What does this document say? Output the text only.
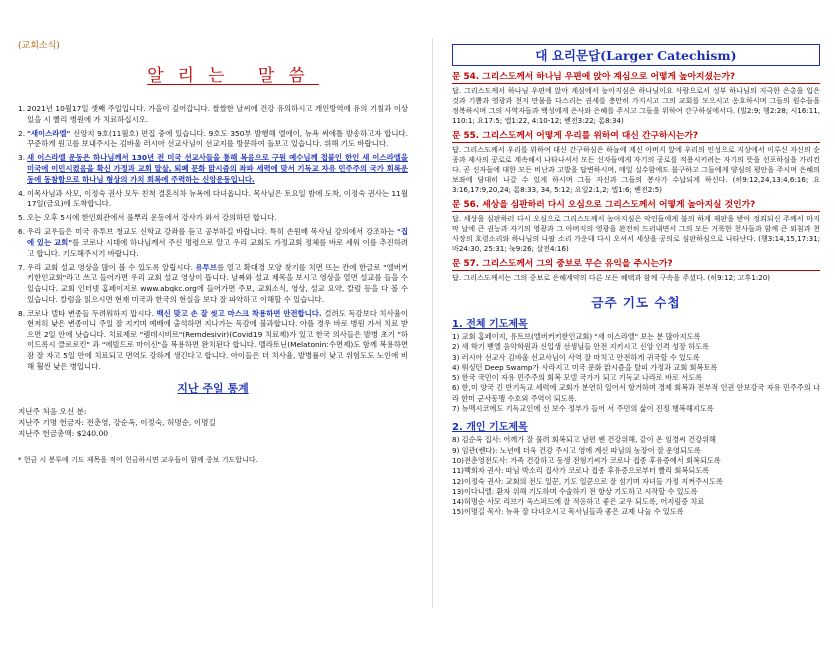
(교회소식)
알리는 말씀
1. 2021년 10월17일 셋째 주일입니다. 가을이 깊어갑니다. 쌀쌀한 날씨에 건강 유의하시고 개인방역에 유의 기침과 이상 있을 시 빨리 병원에 가 치료하십시오.
2. "새이스라엘" 신앙지 9호(11월호) 편집 중에 있습니다. 9호도 350부 발행해 엘에이, 뉴욕 써에틀 발송하고자 합니다. 꾸준하게 원고를 보내주시는 김바울 러시아 선교사님이 선교지를 방문하여 돌보고 있습니다. 위해 기도 바랍니다.
3. 새 이스라엘 운동은 하나님께서 130년 전 미국 선교사들을 통해 복음으로 구원 예수님께 접붙인 한인 새 이스라엘을 미국에 이민시켰음을 확신 가정과 교회 말살, 퇴폐 문화 맑시즘의 좌파 세력에 맞서 기독교 자유 민주주의 국가 회복운동에 동참함으로 하나님 형상의 가치 회복에 주력하는 신앙운동입니다.
4. 이목사님과 사모, 이정숙 권사 모두 친척 결혼식차 뉴욕에 다녀옵니다. 목사님은 토요일 밤에 도착, 이정숙 권사는 11월 17일(금요)에 도착합니다.
5. 오는 오후 5시에 한인회관에서 풀뿌리 운동에서 강사가 와서 강의하던 합니다.
6. 우리 교우들은 미국 유투브 청교도 신학교 강좌를 듣고 공부하길 바랍니다. 특히 손원배 목사님 강의에서 강조하는 "집에 있는 교회"를 코로나 시대에 하나님께서 주신 명령으로 알고 우리 교회도 가정교회 정체를 바로 세워 이를 추진하려고 합니다. 기도해주시기 바랍니다.
7. 우리 교회 설교 영상을 많이 볼 수 있도록 알립시다. 유투브를 열고 확대경 모양 찾기를 치면 뜨는 칸에 한글로 "엘버커키한인교회"라고 쓰고 들어가면 우리 교회 설교 영상이 뜹니다. 날짜와 설교 제목을 보시고 영상을 열면 설교를 들을 수 있습니다. 교회 인터넷 홈페이지로 www.abqkc.org에 들어가면 주보, 교회소식, 영상, 설교 요약, 칼럼 등을 다 볼 수 있습니다. 칼럼을 읽으시면 현재 미국과 한국의 현실을 보다 잘 파악하고 이해할 수 있습니다.
8. 코로나 델타 변종들 두려워하지 맙시다. 백신 맞고 손 잘 씻고 마스크 착용하면 안전합니다. 걸려도 독감보다 치사율이 현저히 낮은 변종이니 주일 잘 지키며 예배에 출석하면 지나가는 독감에 불과합니다. 아플 경우 바로 병원 가서 치료 받으면 2일 안에 낫습니다. 치료제로 "렘데시비르"(Remdesivir)(Covid19 치료제)가 있고 한국 의사들은 발병 초기 "하이드록시 클로로킨" 과 "에빌드로 마이신"을 복용하면 완치된다 합니다. 멜라토닌(Melatonin:수면제)도 함께 복용하면 잠 잘 자고 5일 안에 치료되고 면역도 강하게 생긴다고 합니다. 아이들은 더 치사율, 발병률이 낮고 위험도도 노인에 비해 훨씬 낮은 병입니다.
지난 주일 통계
지난주 처음 오신 분:
지난주 기명 헌금자: 전춘영, 강순옥, 이정숙, 허명순, 이명길
지난주 헌금총액: $240.00
* 헌금 시 봉투에 기도 제목을 적어 헌금하시면 교우들이 함께 중보 기도합니다.
대 요리문답(Larger Catechism)
문 54. 그리스도께서 하나님 우편에 앉아 계심으로 어떻게 높아지셨는가?
답. 그리스도께서 하나님 우편에 앉아 계심에서 높아지심은 하나님이요 사람으로서 성부 하나님의 지극한 은총을 입은 것과 기쁨과 영광과 천지 만물을 다스리는 권세를 충만히 가지시고 그의 교회를 모으시고 옹호하시며 그들의 원수들을 정복하시며 그의 사역자들과 백성에게 은사와 은혜를 주시고 그들을 위하여 간구하심에서다. (빌2:9; 행2:28; 시16:11, 110:1; 요17:5; 엡1:22, 4:10-12; 벧전3:22; 롬8:34)
문 55. 그리스도께서 어떻게 우리를 위하여 대신 간구하시는가?
답. 그리스도께서 우리를 위하여 대신 간구하심은 하늘에 계신 아버지 앞에 우리의 인성으로 지상에서 이루신 자신의 순종과 제사의 공로로 계속해서 나타나셔서 모든 신자들에게 자기의 공로를 적용시키려는 자기의 뜻을 선포하심을 가리킨다. 곧 신자들에 대한 모든 비난과 고발을 답변하시며, 매일 실수함에도 불구하고 그들에게 양심의 평안을 주시며 은혜의 보좌에 담대히 나갈 수 있게 하시며 그들 자신과 그들의 봉사가 수납되게 하신다. (히9:12,24,13:4,6:16; 요3:16,17:9,20,24; 롬8:33, 34, 5:12; 요일2:1,2; 엡1:6; 벧전2:5)
문 56. 세상을 심판하러 다시 오심으로 그리스도께서 어떻게 높아지실 것인가?
답. 세상을 심판하러 다시 오심으로 그리스도께서 높아지심은 악인들에게 불의 하게 재판을 받아 정죄되신 주께서 마지막 날에 큰 권능과 자기의 영광과 그 아버지의 영광을 완전히 드러내면서 그의 모든 거룩한 천사들과 함께 큰 외침과 천사장의 호령소리와 하나님의 나팔 소리 가운데 다시 오셔서 세상을 공의로 심판하심으로 나타난다. (행3:14,15,17:31; 마24:30, 25:31; 눅9:26; 살전4:16)
문 57. 그리스도께서 그의 중보로 무슨 유익을 주시는가?
답. 그리스도께서는 그의 중보로 은혜계약의 다른 모든 혜택과 함께 구속을 주셨다. (히9:12; 고후1:20)
금주 기도 수첩
1. 전체 기도제목
1) 교회 홈페이지, 유트브(엘버커키한인교회) "새 이스라엘" 보는 분 많아지도록
2) 새 학기 벧엘 음악학원과 신입생 선생님들 안전 지키시고 신앙 인격 성장 하도록
3) 러시아 선교사 김바울 선교사님이 사역 잘 마치고 안전하게 귀국할 수 있도록
4) 워싱턴 Deep Swamp가 사라지고 미국 문화 맑시즘을 탈피 가정과 교회 회복토록
5) 한국 국민이 자유 민주주의 회복 모델 국가가 되고 기독교 나라로 바로 서도록
6) 한,미 양국 긴 반기독교 세력에 교회가 분연히 일어서 항거하며 경제 회복과 전부적 인권 안보강국 자유 민주주의 나라 한미 군사동맹 수호외 주역이 되도록.
7) 뉴멕시코에도 기독교인에 선 보수 정부가 들어 서 주민의 삶이 진정 행복해지도록
2. 개인 기도제목
8) 김순옥 집사: 어깨가 잘 풀려 회복되고 남편 쎈 건강위해, 같이 온 임경씨 건강위해
9) 임관(쎈다): 노년에 더욱 건강 주시고 영에 계신 따님의 농장이 잘 운영되도록
10)전춘영전도사: 가족 건강하고 동생 전형기씨가 코로나 접종 후유증에서 회복되도록
11)백희자 권사: 따님 박소리 집사가 코로나 접종 후유증으로부터 빨리 회복되도록
12)이정숙 권사: 교회의 전도 일꾼, 기도 일꾼으로 잘 섬기며 자녀들 가정 지켜주시도록
13)이다니엘: 환자 위해 기도하며 수술하기 전 항상 기도하고 시작할 수 있도록
14)허명순 사모 리브가 욱스퍼드에 잘 적응하고 좋은 교우 되도록, 어지럼증 치료
15)이명길 목사: 뉴욕 잘 다녀오시고 목사님들과 좋은 교제 나눌 수 있도록
